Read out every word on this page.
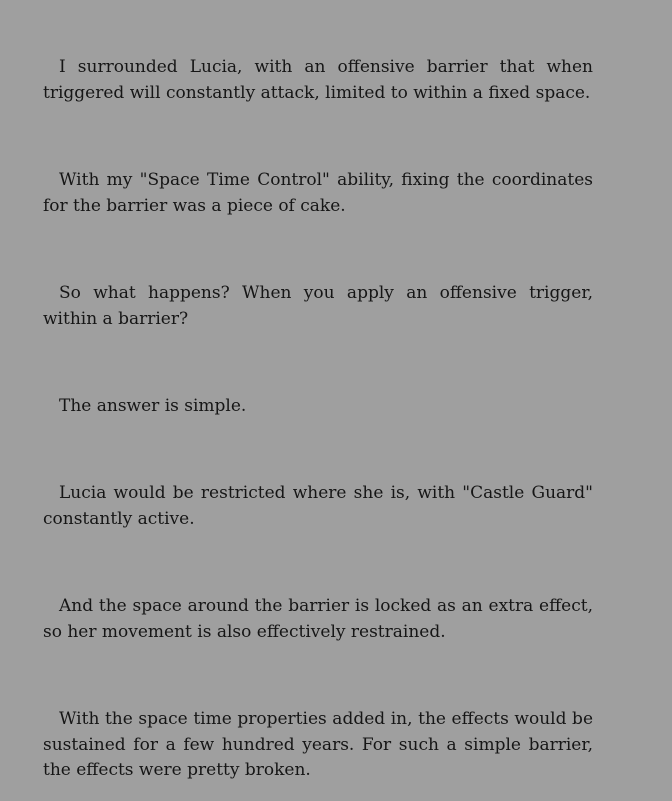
I surrounded Lucia, with an offensive barrier that when triggered will constantly attack, limited to within a fixed space.

With my "Space Time Control" ability, fixing the coordinates for the barrier was a piece of cake.

So what happens? When you apply an offensive trigger, within a barrier?

The answer is simple.

Lucia would be restricted where she is, with "Castle Guard" constantly active.

And the space around the barrier is locked as an extra effect, so her movement is also effectively restrained.

With the space time properties added in, the effects would be sustained for a few hundred years. For such a simple barrier, the effects were pretty broken.
